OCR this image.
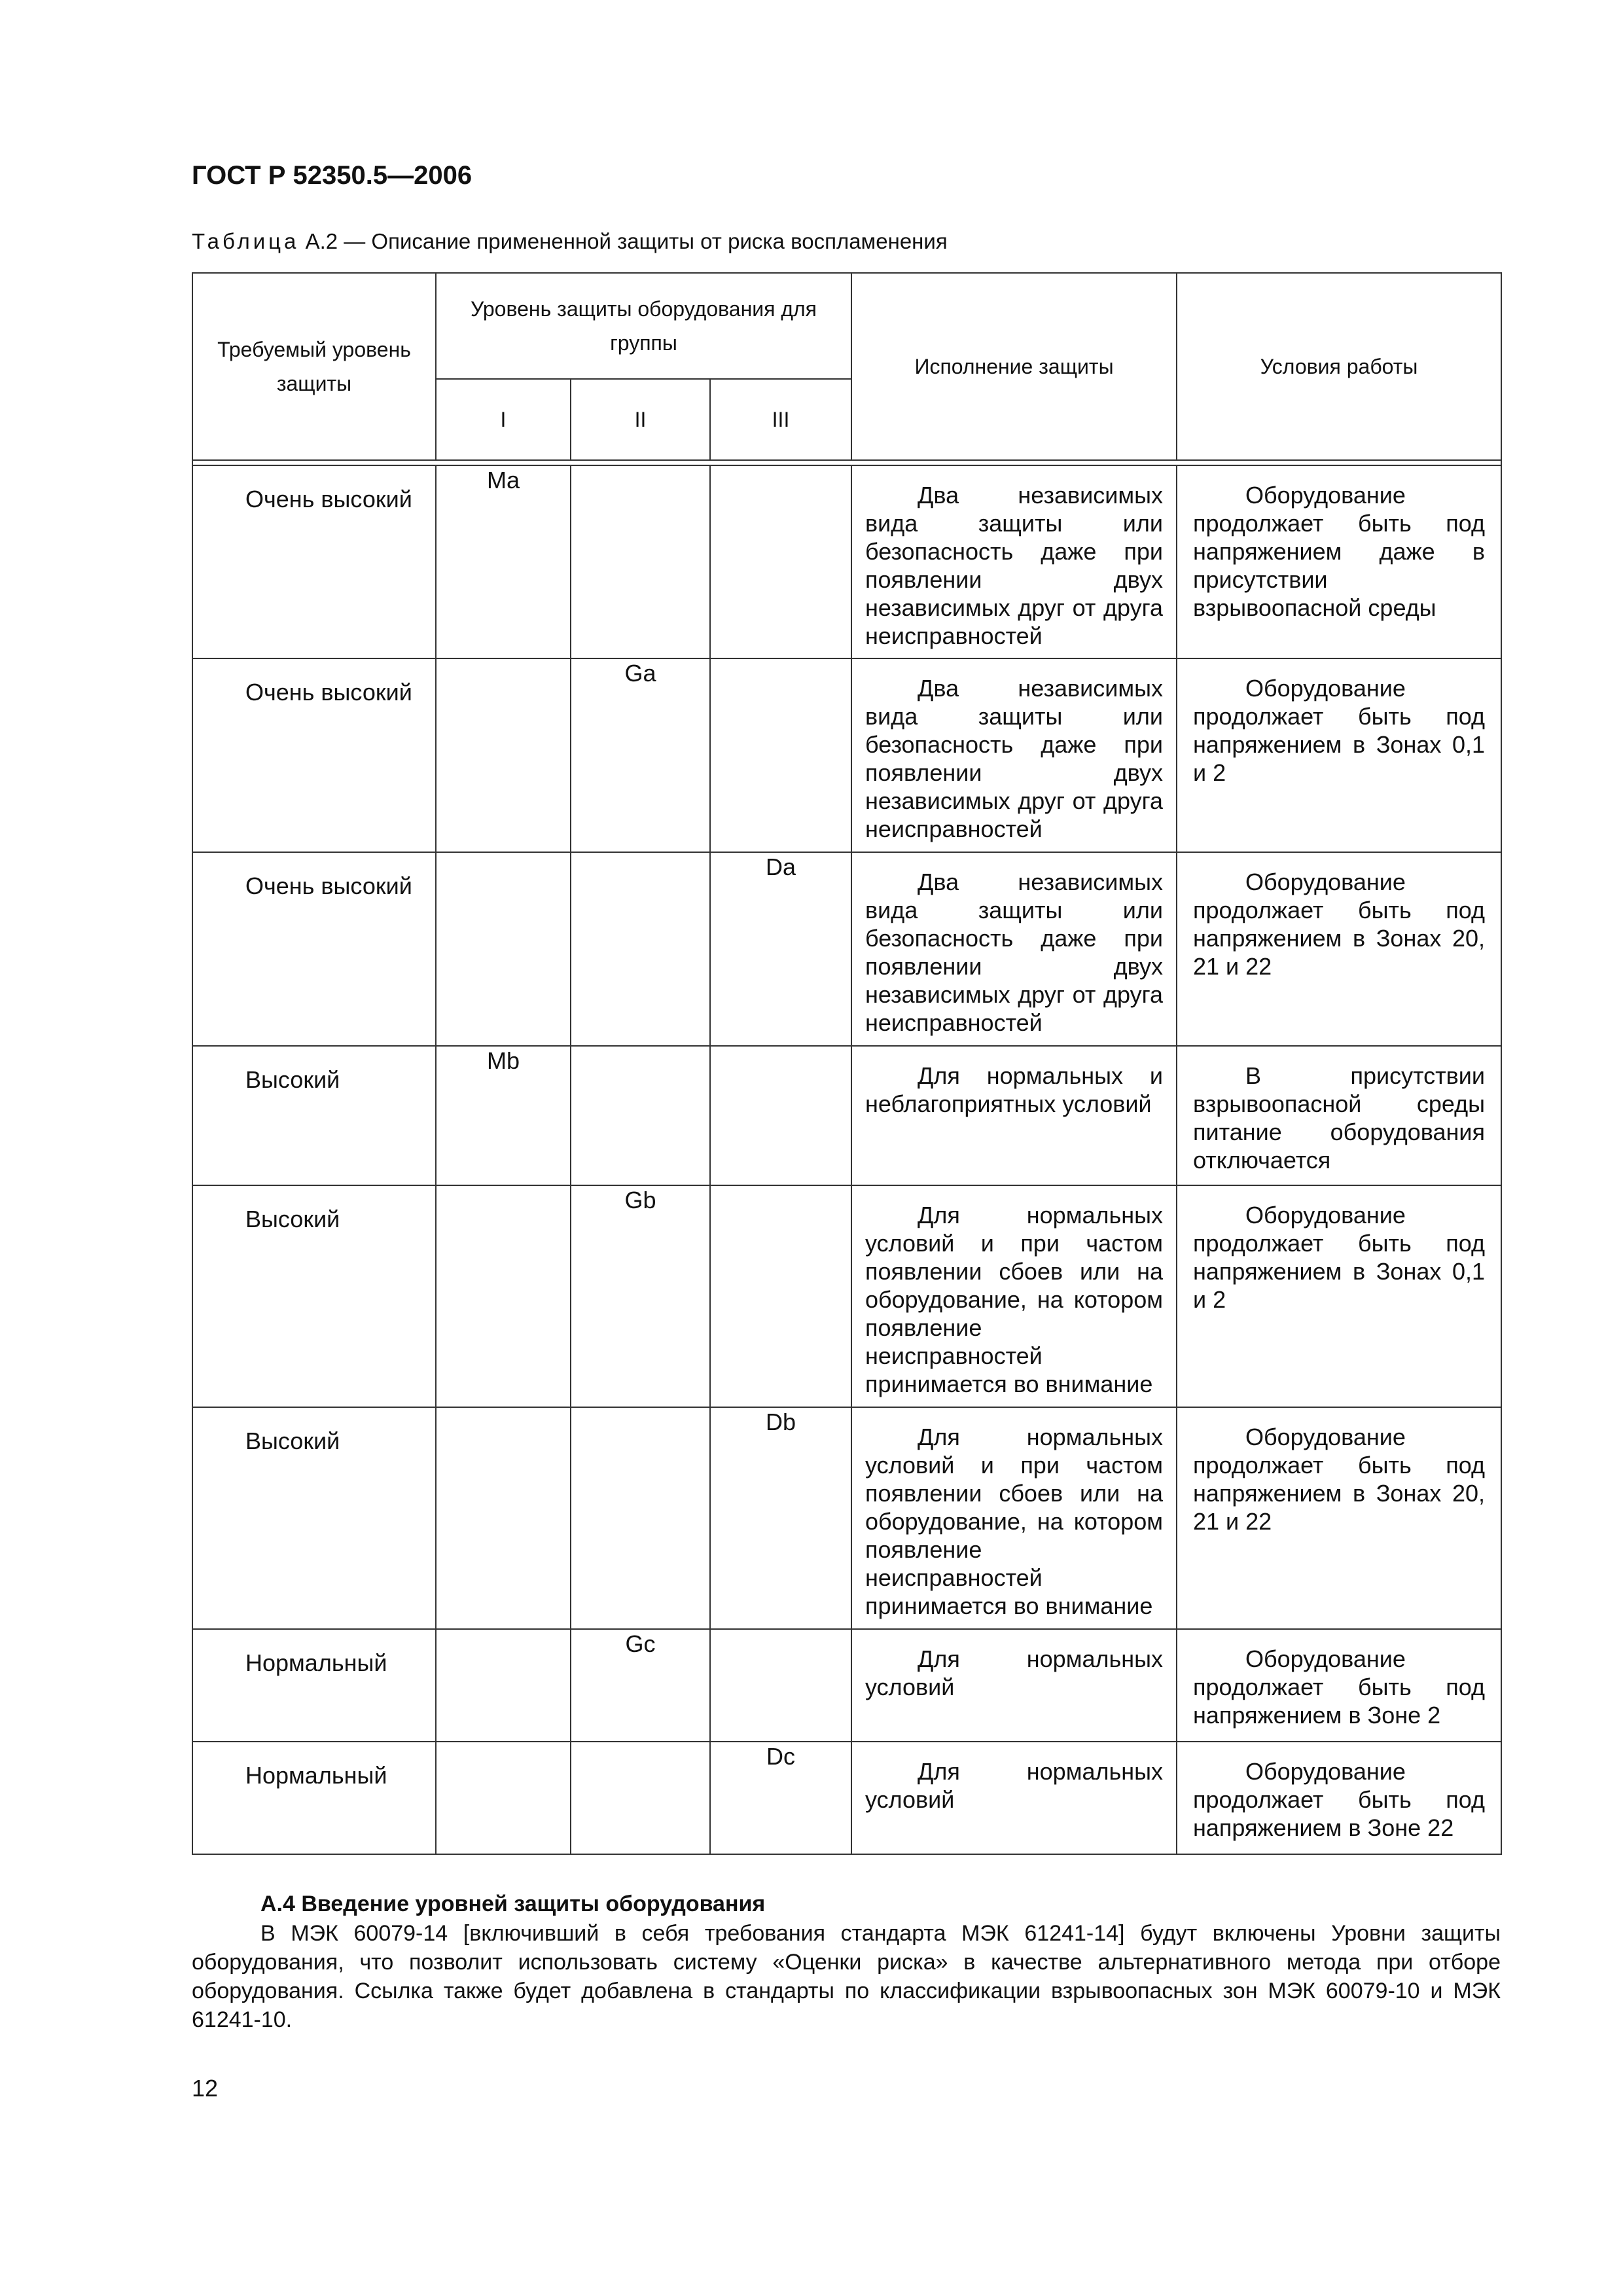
ГОСТ Р 52350.5—2006
Таблица А.2 — Описание примененной защиты от риска воспламенения
Требуемый уровень защиты	Уровень защиты оборудования для группы			Исполнение защиты	Условия работы
	I	II	III		

Очень высокий	Ma			Два независимых вида защиты или безопасность даже при появлении двух независимых друг от друга неисправностей	Оборудование продолжает быть под напряжением даже в присутствии взрывоопасной среды
Очень высокий		Ga		Два независимых вида защиты или безопасность даже при появлении двух независимых друг от друга неисправностей	Оборудование продолжает быть под напряжением в Зонах 0,1 и 2
Очень высокий			Da	Два независимых вида защиты или безопасность даже при появлении двух независимых друг от друга неисправностей	Оборудование продолжает быть под напряжением в Зонах 20, 21 и 22
Высокий	Mb			Для нормальных и неблагоприятных условий	В присутствии взрывоопасной среды питание оборудования отключается
Высокий		Gb		Для нормальных условий и при частом появлении сбоев или на оборудование, на котором появление неисправностей принимается во внимание	Оборудование продолжает быть под напряжением в Зонах 0,1 и 2
Высокий			Db	Для нормальных условий и при частом появлении сбоев или на оборудование, на котором появление неисправностей принимается во внимание	Оборудование продолжает быть под напряжением в Зонах 20, 21 и 22
Нормальный		Gc		Для нормальных условий	Оборудование продолжает быть под напряжением в Зоне 2
Нормальный			Dc	Для нормальных условий	Оборудование продолжает быть под напряжением в Зоне 22
А.4 Введение уровней защиты оборудования
В МЭК 60079-14 [включивший в себя требования стандарта МЭК 61241-14] будут включены Уровни защиты оборудования, что позволит использовать систему «Оценки риска» в качестве альтернативного метода при отборе оборудования. Ссылка также будет добавлена в стандарты по классификации взрывоопасных зон МЭК 60079-10 и МЭК 61241-10.
12
